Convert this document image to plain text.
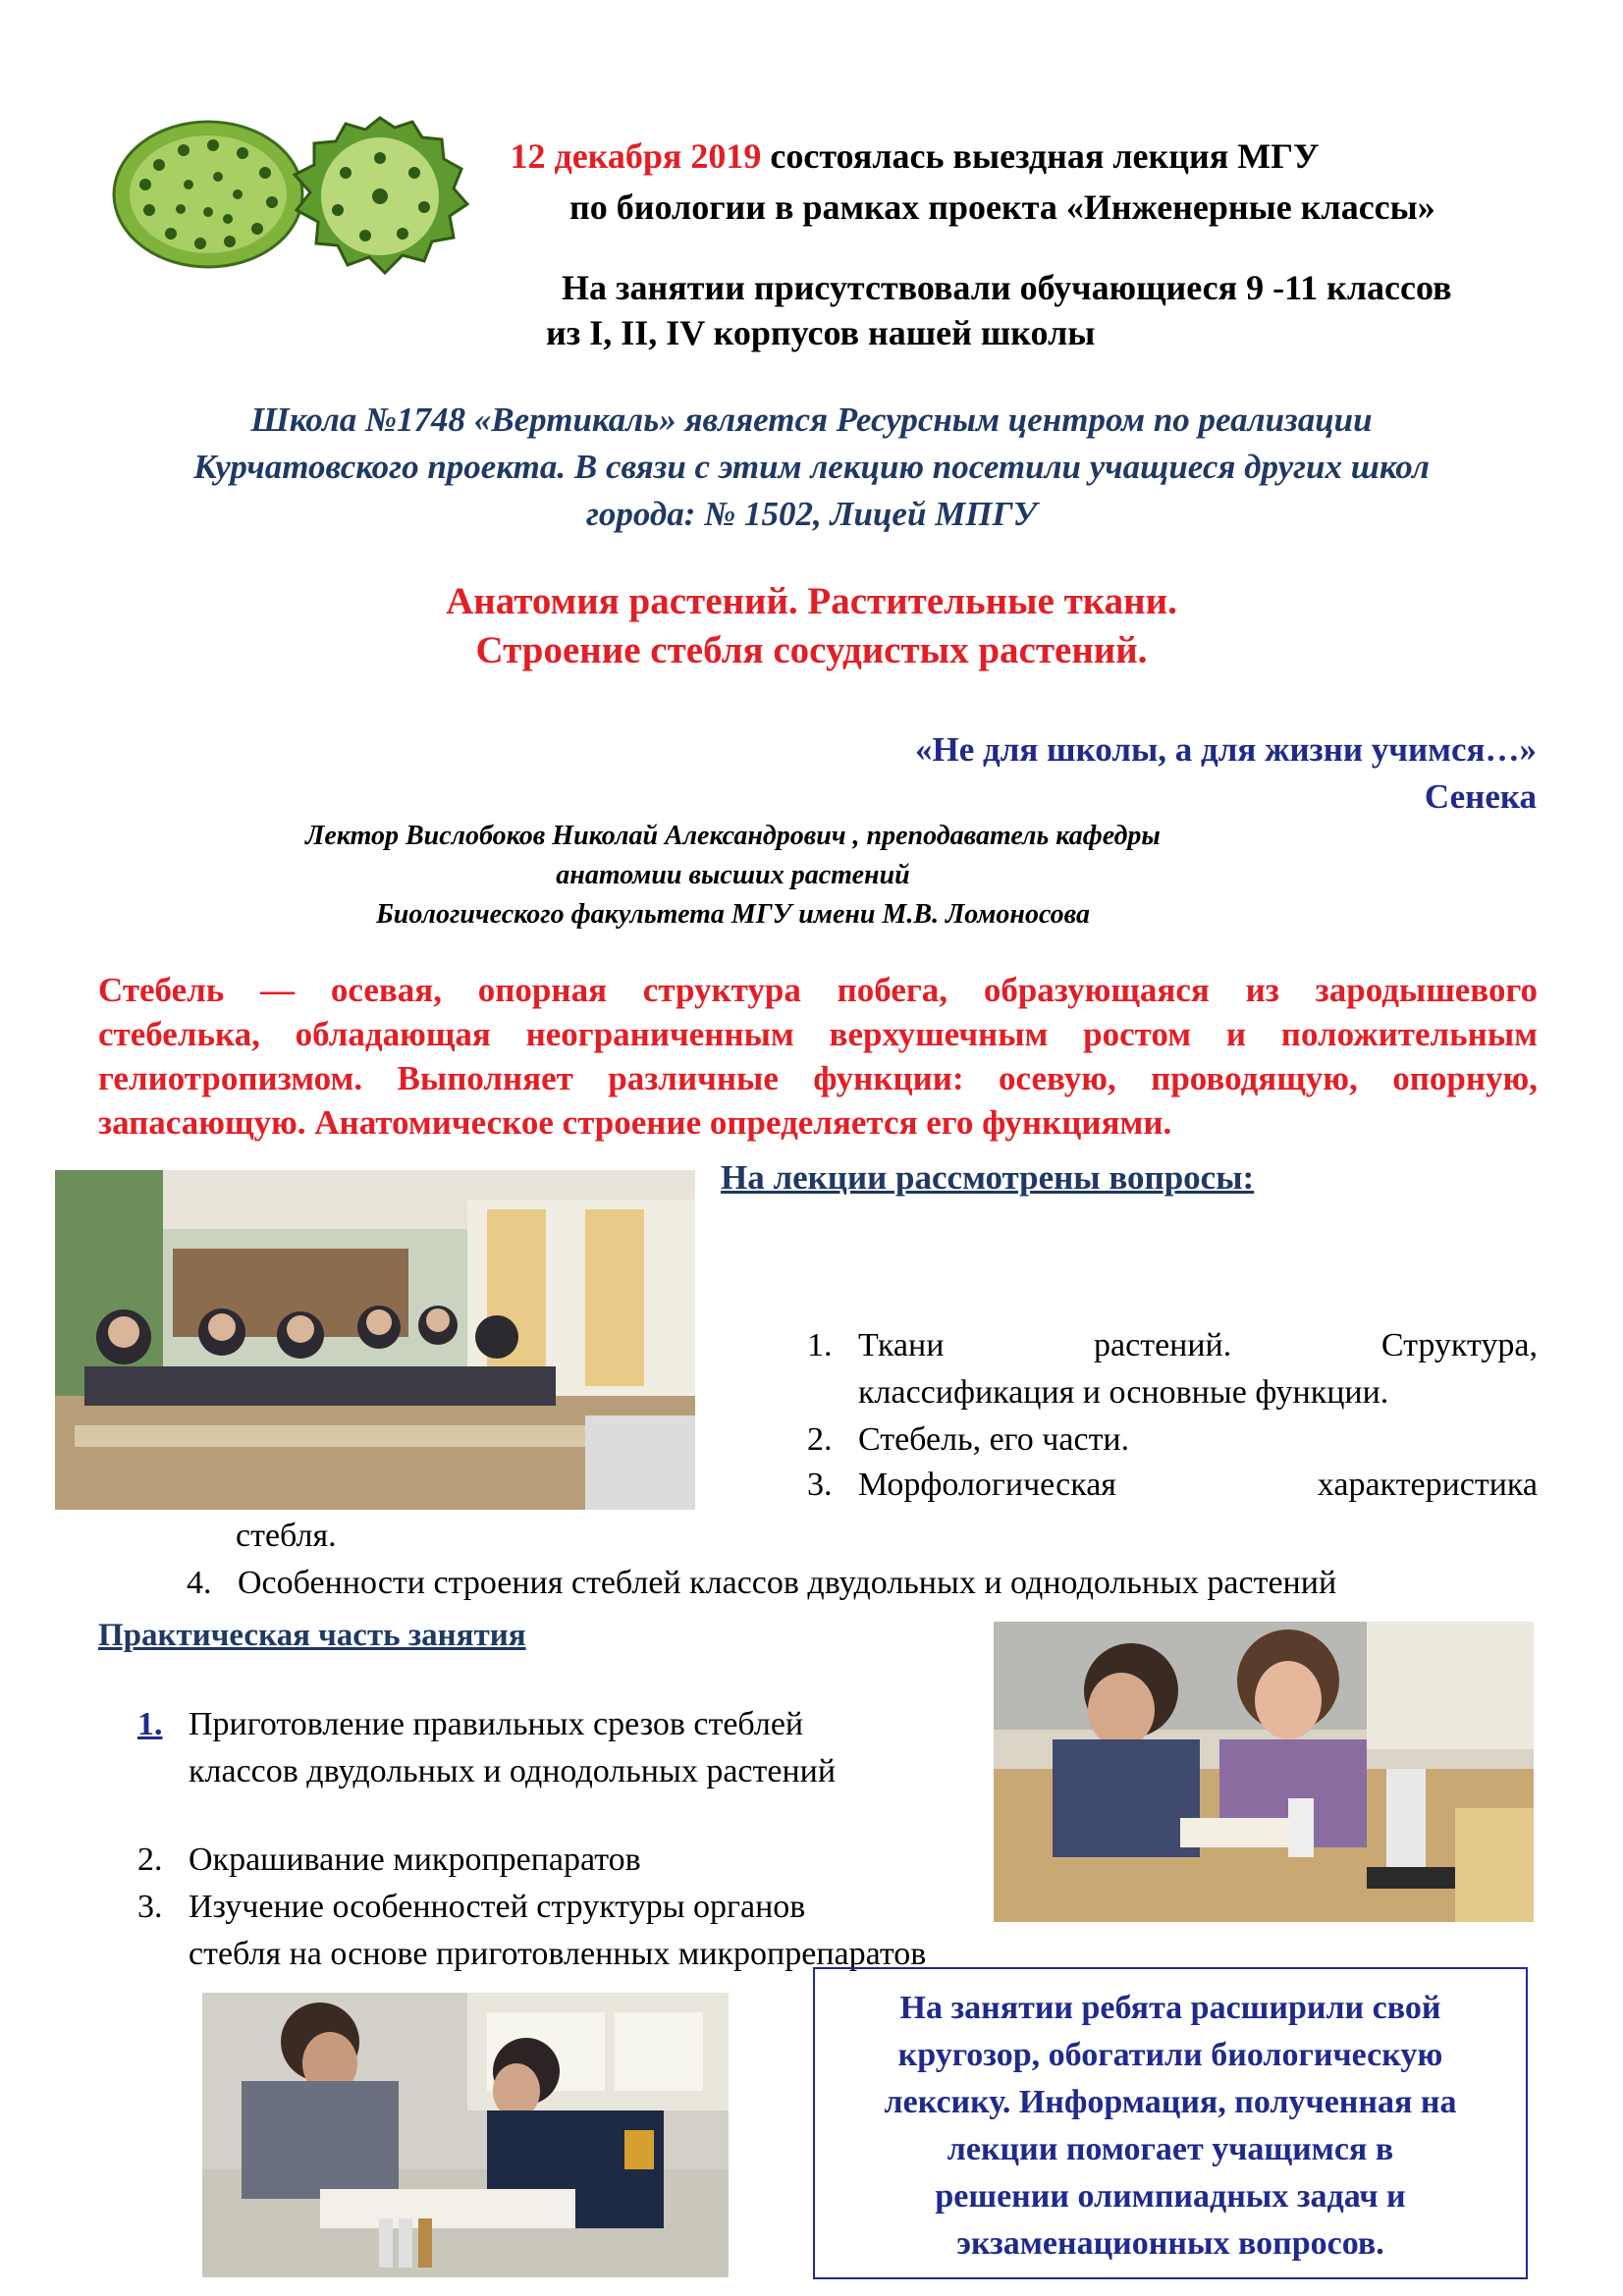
12 декабря 2019 состоялась выездная лекция МГУ
по биологии в рамках проекта «Инженерные классы»
На занятии присутствовали обучающиеся 9 -11 классов
из I, II, IV корпусов нашей школы
Школа №1748 «Вертикаль» является Ресурсным центром по реализации
Курчатовского проекта. В связи с этим лекцию посетили учащиеся других школ
города: № 1502, Лицей МПГУ
Анатомия растений. Растительные ткани.
Строение стебля сосудистых растений.
«Не для школы, а для жизни учимся…»
Сенека
Лектор Вислобоков Николай Александрович , преподаватель кафедры
анатомии высших растений
Биологического факультета МГУ имени М.В. Ломоносова
Стебель — осевая, опорная структура побега, образующаяся из зародышевого
стебелька, обладающая неограниченным верхушечным ростом и положительным
гелиотропизмом. Выполняет различные функции: осевую, проводящую, опорную,
запасающую. Анатомическое строение определяется его функциями.
На лекции рассмотрены вопросы:
1. Ткани растений. Структура,
классификация и основные функции.
2. Стебель, его части.
3. Морфологическая характеристика
стебля.
4. Особенности строения стеблей классов двудольных и однодольных растений
Практическая часть занятия
1. Приготовление правильных срезов стеблей
классов двудольных и однодольных растений
2. Окрашивание микропрепаратов
3. Изучение особенностей структуры органов
стебля на основе приготовленных микропрепаратов
На занятии ребята расширили свой
кругозор, обогатили биологическую
лексику. Информация, полученная на
лекции помогает учащимся в
решении олимпиадных задач и
экзаменационных вопросов.
